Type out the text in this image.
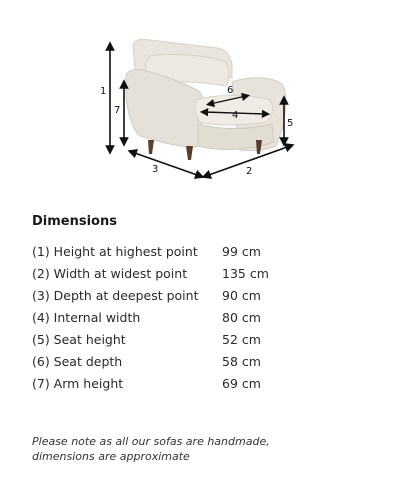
1
2
3
4
5
6
7
Dimensions
(1) Height at highest point 99 cm
(2) Width at widest point	135 cm
(3) Depth at deepest point 90 cm
(4) Internal width	80 cm
(5) Seat height	52 cm
(6) Seat depth	58 cm
(7) Arm height	69 cm
Please note as all our sofas are handmade,
dimensions are approximate
